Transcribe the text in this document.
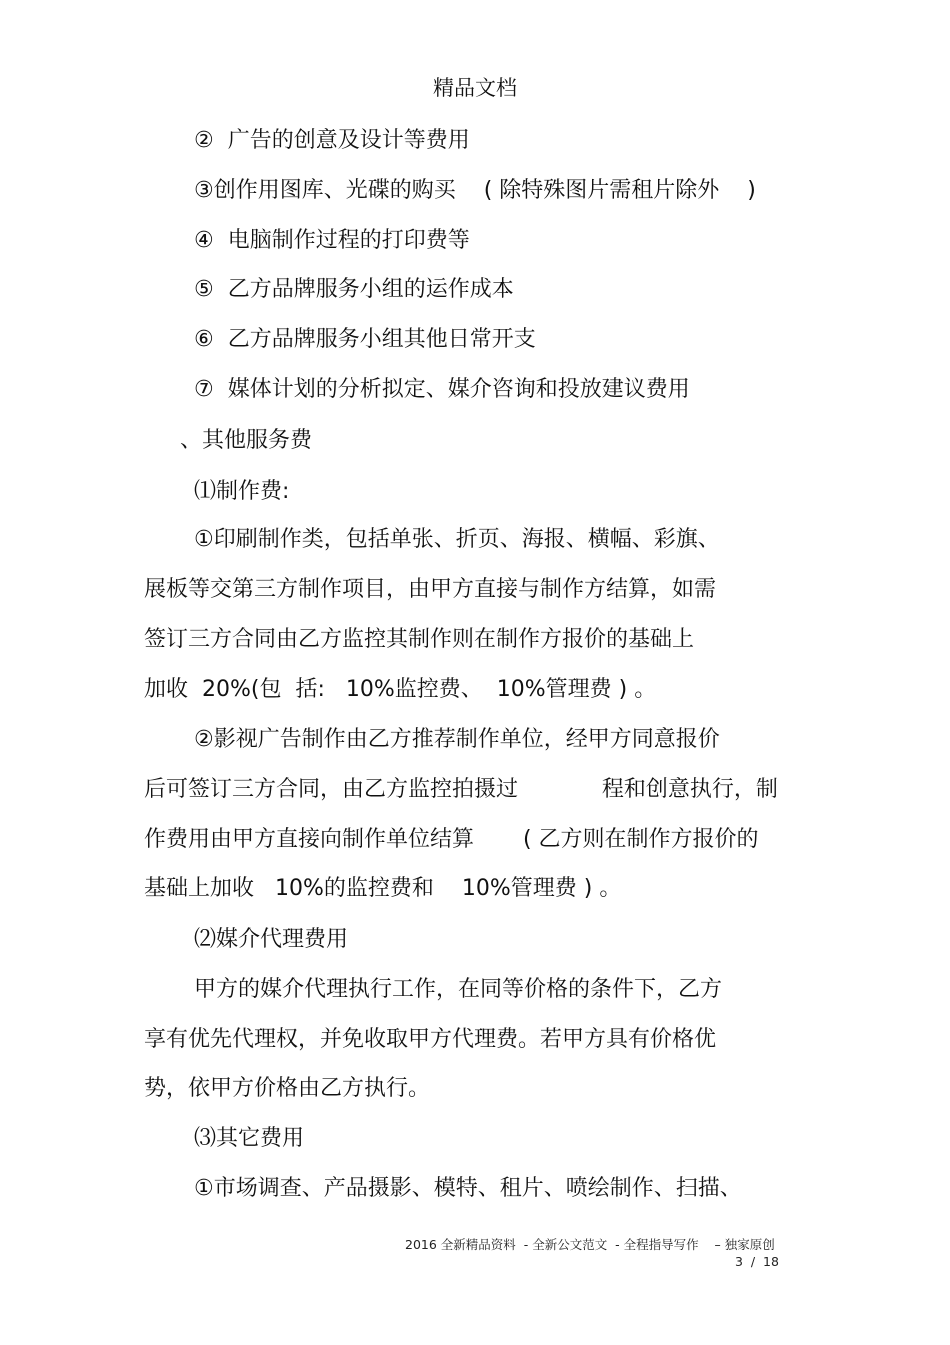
精品文档
②  广告的创意及设计等费用
③创作用图库、光碟的购买    ( 除特殊图片需租片除外    )
④  电脑制作过程的打印费等
⑤  乙方品牌服务小组的运作成本
⑥  乙方品牌服务小组其他日常开支
⑦  媒体计划的分析拟定、媒介咨询和投放建议费用
、其他服务费
⑴制作费:
①印刷制作类，包括单张、折页、海报、横幅、彩旗、
展板等交第三方制作项目，由甲方直接与制作方结算，如需
签订三方合同由乙方监控其制作则在制作方报价的基础上
加收  20%(包  括:   10%监控费、  10%管理费 ) 。
②影视广告制作由乙方推荐制作单位，经甲方同意报价
后可签订三方合同，由乙方监控拍摄过            程和创意执行，制
作费用由甲方直接向制作单位结算       ( 乙方则在制作方报价的
基础上加收   10%的监控费和    10%管理费 ) 。
⑵媒介代理费用
甲方的媒介代理执行工作，在同等价格的条件下，乙方
享有优先代理权，并免收取甲方代理费。若甲方具有价格优
势，依甲方价格由乙方执行。
⑶其它费用
①市场调查、产品摄影、模特、租片、喷绘制作、扫描、
2016 全新精品资料  - 全新公文范文  - 全程指导写作    – 独家原创
3  /  18
